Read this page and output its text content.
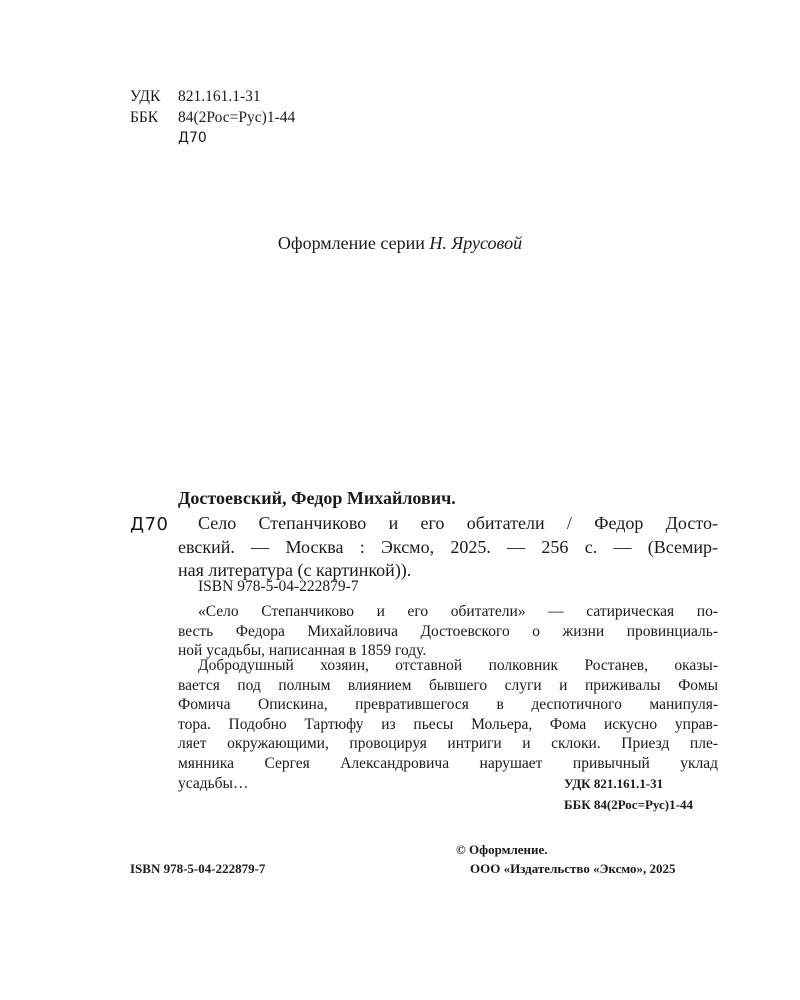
УДК 821.161.1-31
ББК 84(2Рос=Рус)1-44
Д70
Оформление серии Н. Ярусовой
Достоевский, Федор Михайлович.
Д70	Село Степанчиково и его обитатели / Федор Досто-
евский. — Москва : Эксмо, 2025. — 256 с. — (Всемир-
ная литература (с картинкой)).
ISBN 978-5-04-222879-7
«Село Степанчиково и его обитатели» — сатирическая по-
весть Федора Михайловича Достоевского о жизни провинциаль-
ной усадьбы, написанная в 1859 году.
Добродушный хозяин, отставной полковник Ростанев, оказы-
вается под полным влиянием бывшего слуги и приживалы Фомы
Фомича Опискина, превратившегося в деспотичного манипуля-
тора. Подобно Тартюфу из пьесы Мольера, Фома искусно управ-
ляет окружающими, провоцируя интриги и склоки. Приезд пле-
мянника Сергея Александровича нарушает привычный уклад
усадьбы…	УДК 821.161.1-31
ББК 84(2Рос=Рус)1-44
ISBN 978-5-04-222879-7
© Оформление.
ООО «Издательство «Эксмо», 2025
